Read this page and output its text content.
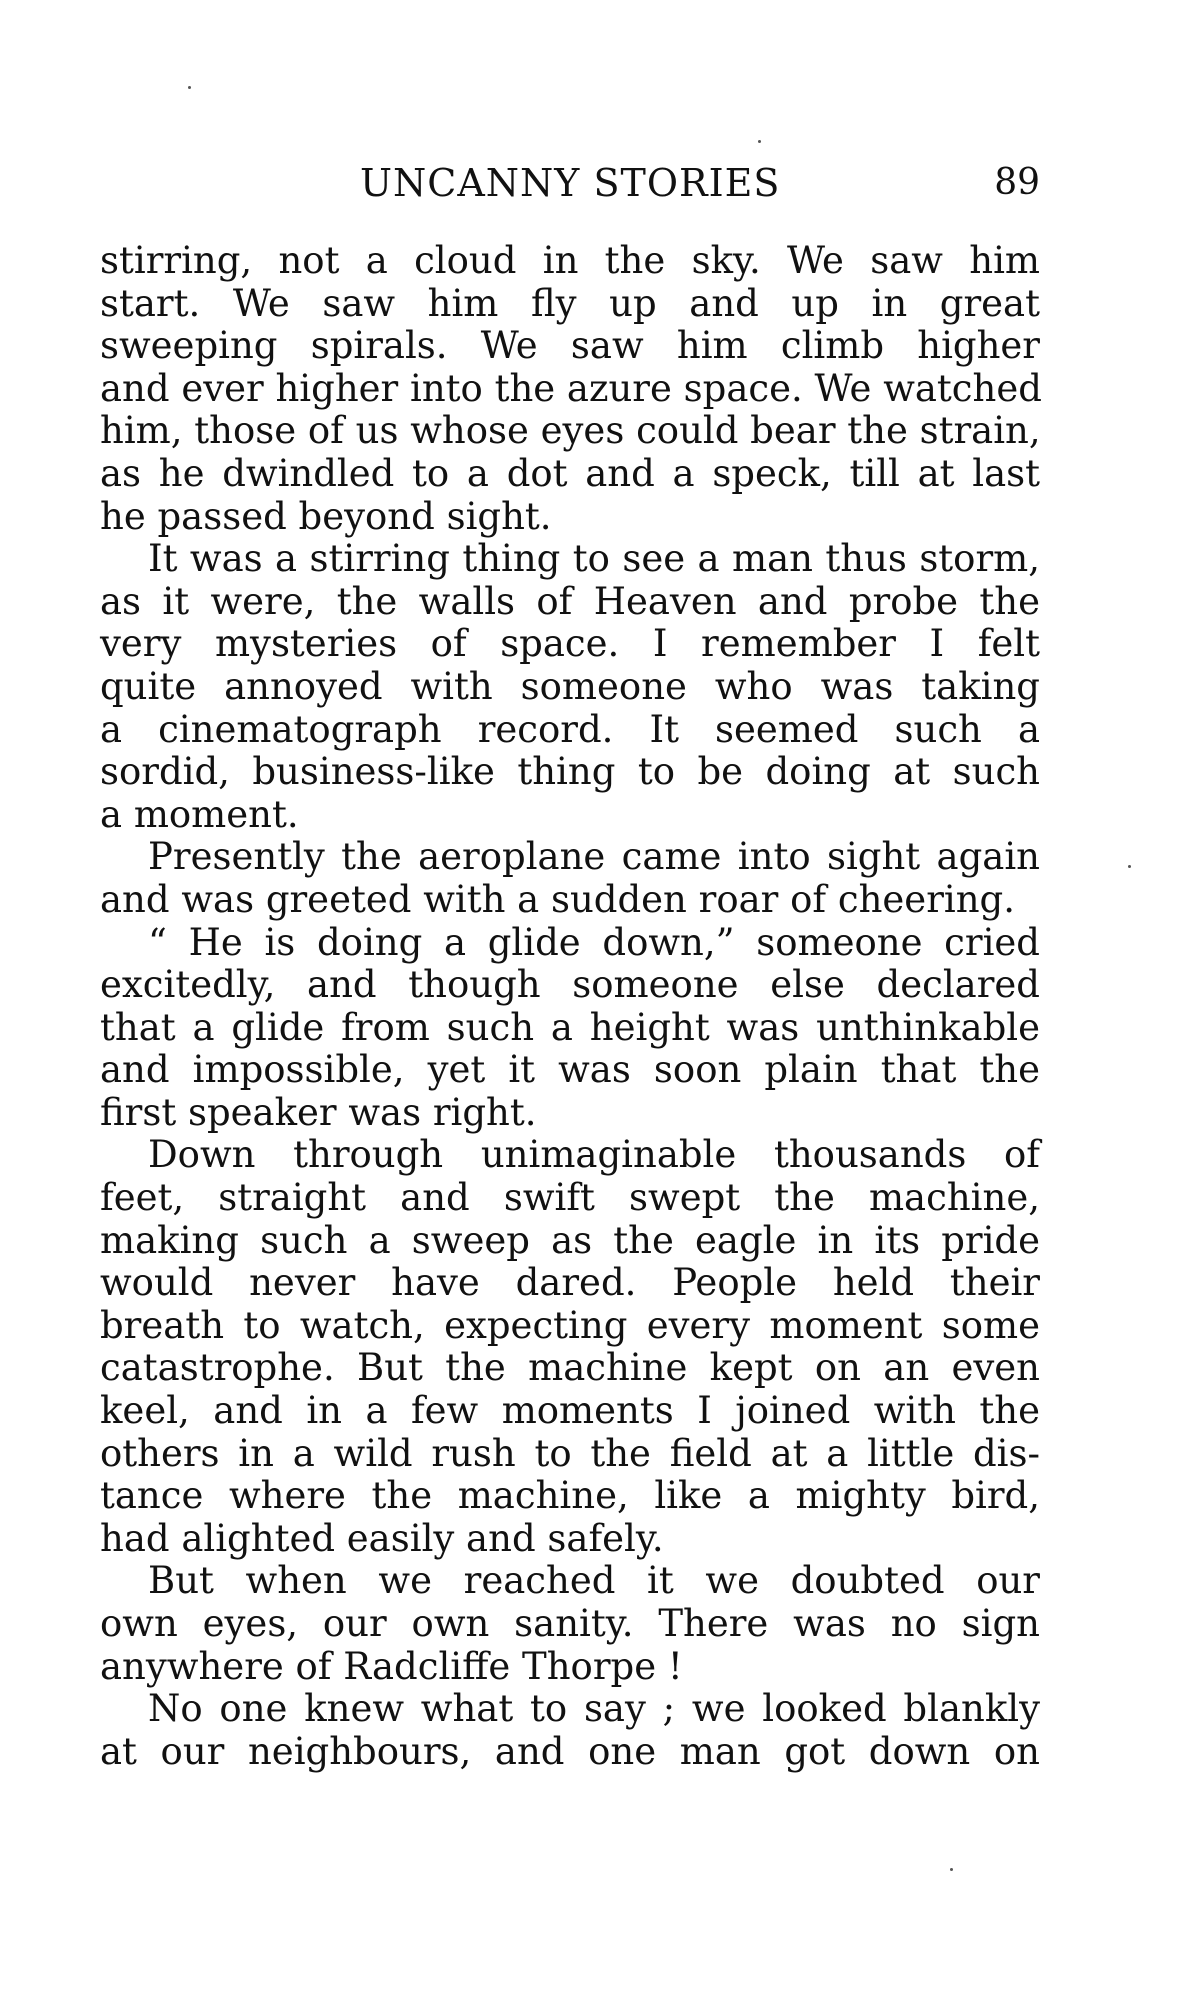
UNCANNY STORIES	89
stirring, not a cloud in the sky. We saw him
start. We saw him fly up and up in great
sweeping spirals. We saw him climb higher
and ever higher into the azure space. We watched
him, those of us whose eyes could bear the strain,
as he dwindled to a dot and a speck, till at last
he passed beyond sight.
It was a stirring thing to see a man thus storm,
as it were, the walls of Heaven and probe the
very mysteries of space. I remember I felt
quite annoyed with someone who was taking
a cinematograph record. It seemed such a
sordid, business-like thing to be doing at such
a moment.
Presently the aeroplane came into sight again
and was greeted with a sudden roar of cheering.
“ He is doing a glide down,” someone cried
excitedly, and though someone else declared
that a glide from such a height was unthinkable
and impossible, yet it was soon plain that the
first speaker was right.
Down through unimaginable thousands of
feet, straight and swift swept the machine,
making such a sweep as the eagle in its pride
would never have dared. People held their
breath to watch, expecting every moment some
catastrophe. But the machine kept on an even
keel, and in a few moments I joined with the
others in a wild rush to the field at a little dis-
tance where the machine, like a mighty bird,
had alighted easily and safely.
But when we reached it we doubted our
own eyes, our own sanity. There was no sign
anywhere of Radcliffe Thorpe !
No one knew what to say ; we looked blankly
at our neighbours, and one man got down on
